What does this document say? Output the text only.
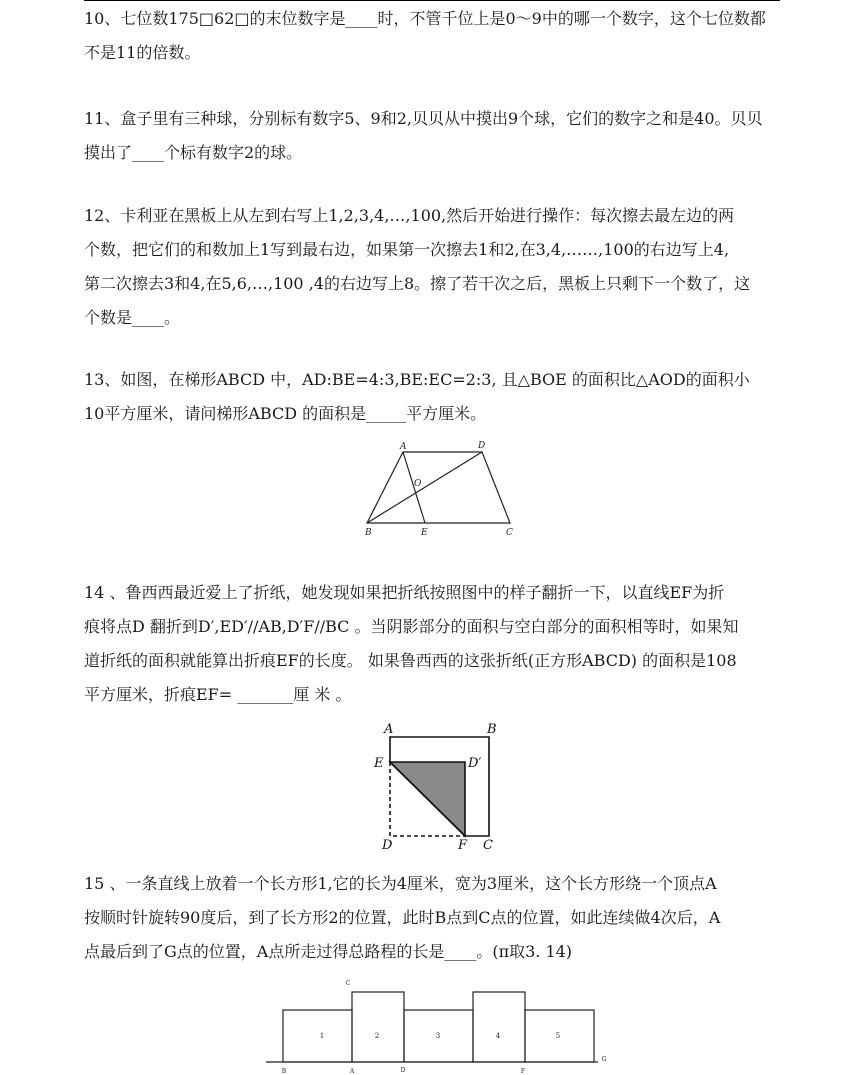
10、七位数175□62□的末位数字是____时，不管千位上是0～9中的哪一个数字，这个七位数都

不是11的倍数。

11、盒子里有三种球，分别标有数字5、9和2,贝贝从中摸出9个球，它们的数字之和是40。贝贝

摸出了____个标有数字2的球。

12、卡利亚在黑板上从左到右写上1,2,3,4,…,100,然后开始进行操作：每次擦去最左边的两

个数，把它们的和数加上1写到最右边，如果第一次擦去1和2,在3,4,……,100的右边写上4,

第二次擦去3和4,在5,6,…,100 ,4的右边写上8。擦了若干次之后，黑板上只剩下一个数了，这

个数是____。

13、如图，在梯形ABCD 中，AD:BE=4:3,BE:EC=2:3, 且△BOE 的面积比△AOD的面积小

10平方厘米，请问梯形ABCD 的面积是_____平方厘米。

A	D
O
B	E	C

14 、鲁西西最近爱上了折纸，她发现如果把折纸按照图中的样子翻折一下，以直线EF为折

痕将点D 翻折到D′,ED′//AB,D′F//BC 。当阴影部分的面积与空白部分的面积相等时，如果知

道折纸的面积就能算出折痕EF的长度。 如果鲁西西的这张折纸(正方形ABCD) 的面积是108

平方厘米，折痕EF= _______厘 米 。

A	B
E	D′
D	F C

15 、一条直线上放着一个长方形1,它的长为4厘米，宽为3厘米，这个长方形绕一个顶点A

按顺时针旋转90度后，到了长方形2的位置，此时B点到C点的位置，如此连续做4次后，A

点最后到了G点的位置，A点所走过得总路程的长是____。(π取3. 14)

1	2	3	4	5
C
B	A	D	F
G
